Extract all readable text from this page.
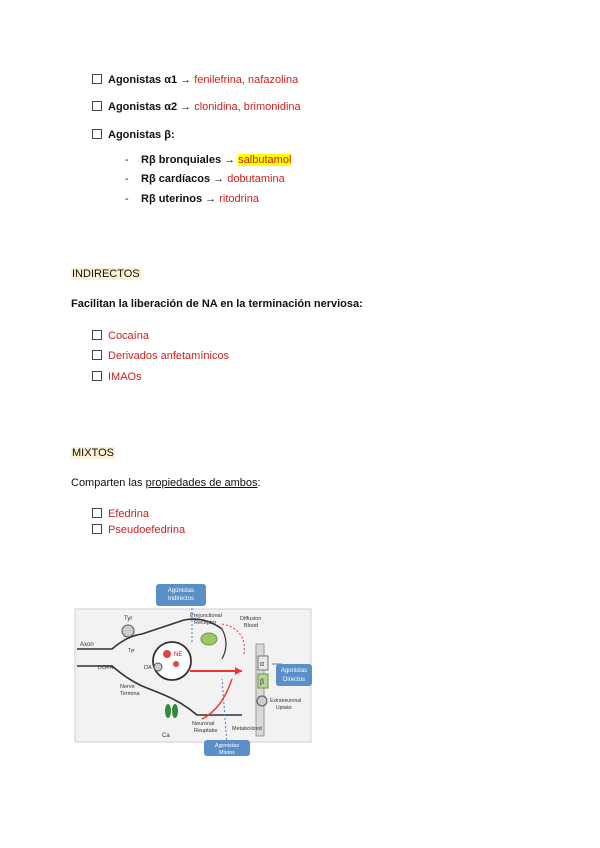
Agonistas α1 → fenilefrina, nafazolina
Agonistas α2 → clonidina, brimonidina
Agonistas β:
- Rβ bronquiales → salbutamol
- Rβ cardíacos → dobutamina
- Rβ uterinos → ritodrina
INDIRECTOS
Facilitan la liberación de NA en la terminación nerviosa:
Cocaína
Derivados anfetamínicos
IMAOs
MIXTOS
Comparten las propiedades de ambos:
Efedrina
Pseudoefedrina
Agonistas
Indirectos
Agonistas
Directos
Agonistas
Mixtos
Axon
Tyr
Tyr
DOPA	DA
Nerve
Termina
Prejunctional
Receptor
Diffusion
Blood
Extraneuronal
Uptake
Neuronal
Reuptake	Metabolized
NE
Ca
α
β
